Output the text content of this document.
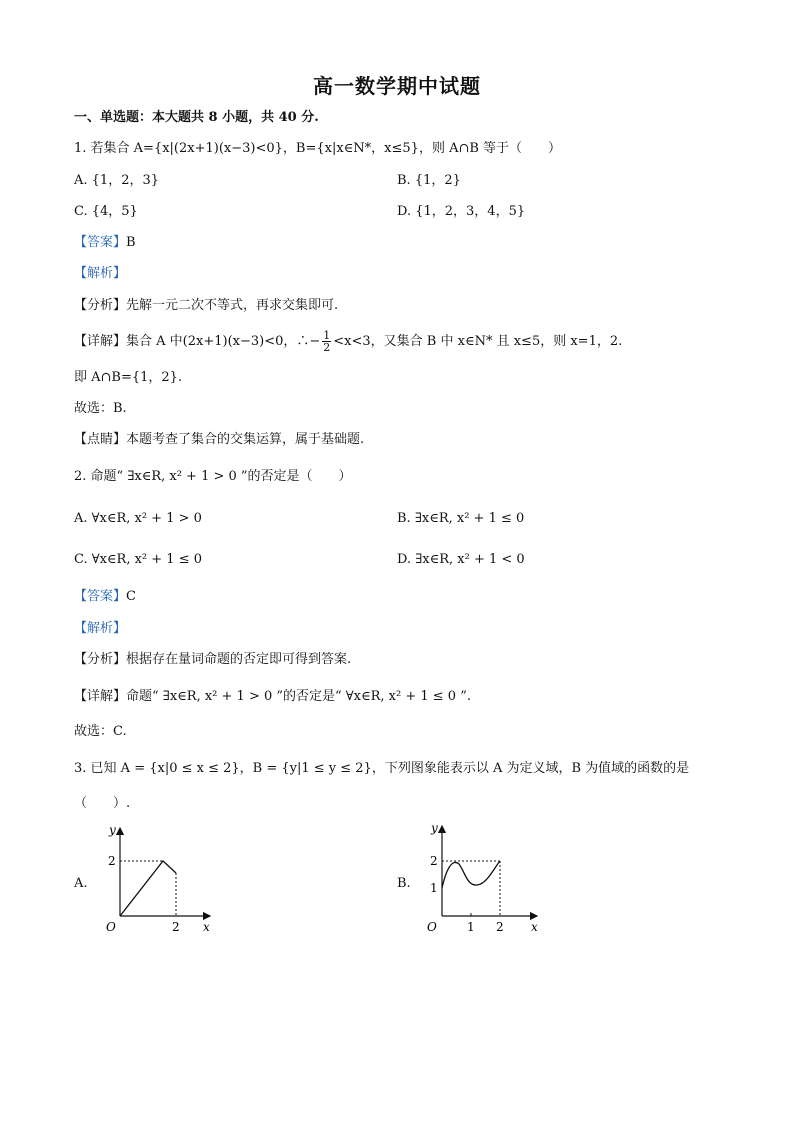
高一数学期中试题
一、单选题：本大题共 8 小题，共 40 分.
1. 若集合 A={x|(2x+1)(x−3)<0}，B={x|x∈N*，x≤5}，则 A∩B 等于（　　）
A. {1，2，3}	B. {1，2}
C. {4，5}	D. {1，2，3，4，5}
【答案】B
【解析】
【分析】先解一元二次不等式，再求交集即可.
【详解】集合 A 中(2x+1)(x−3)<0，∴− $\frac{1}{2} <x<3$，又集合 B 中 x∈N* 且 x≤5，则 x=1，2.
即 A∩B={1，2}.
故选：B.
【点睛】本题考查了集合的交集运算，属于基础题.
2. 命题“ ∃x∈R, x² + 1 > 0 ”的否定是（　　）
A. ∀x∈R, x² + 1 > 0	B. ∃x∈R, x² + 1 ≤ 0
C. ∀x∈R, x² + 1 ≤ 0	D. ∃x∈R, x² + 1 < 0
【答案】C
【解析】
【分析】根据存在量词命题的否定即可得到答案.
【详解】命题“ ∃x∈R, x² + 1 > 0 ”的否定是“ ∀x∈R, x² + 1 ≤ 0 ”.
故选：C.
3. 已知 A = {x|0 ≤ x ≤ 2}，B = {y|1 ≤ y ≤ 2}，下列图象能表示以 A 为定义域，B 为值域的函数的是
（　　）.
A.	B.
y
x
O
2
2
y
x
O
2
1
1 2
